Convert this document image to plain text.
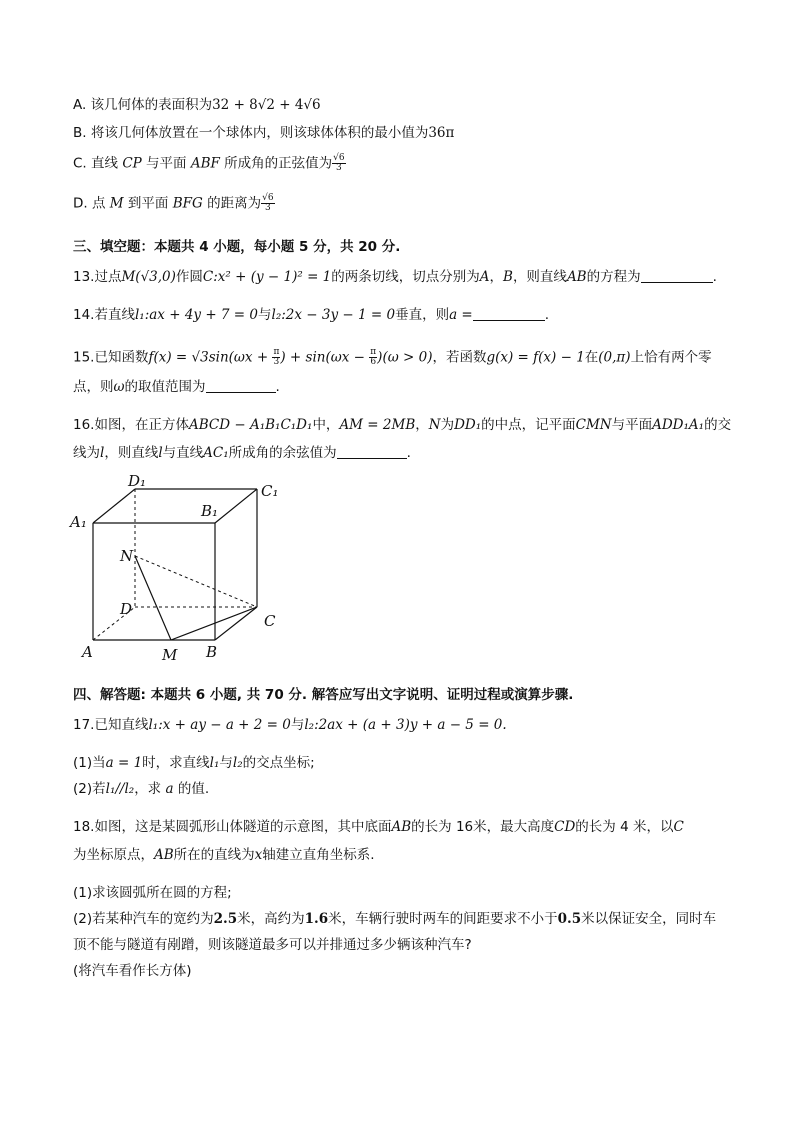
A. 该几何体的表面积为32 + 8√2 + 4√6
B. 将该几何体放置在一个球体内，则该球体体积的最小值为36π
C. 直线 CP 与平面 ABF 所成角的正弦值为 $\frac{√6}{3}$
D. 点 M 到平面 BFG 的距离为 $\frac{√6}{3}$
三、填空题：本题共 4 小题，每小题 5 分，共 20 分.
13.过点M(√3,0)作圆C:x² + (y − 1)² = 1的两条切线，切点分别为A，B，则直线AB的方程为	.
14.若直线l₁:ax + 4y + 7 = 0与l₂:2x − 3y − 1 = 0垂直，则a =	.
15.已知函数$f(x) = √3\sin(\omega x + \frac{\pi}{3}$ ) + $\sin(\omega x - \frac{\pi}{6} )(\omega > 0)$，若函数g(x) = f(x) − 1在(0,π)上恰有两个零
点，则ω的取值范围为	.
16.如图，在正方体ABCD − A₁B₁C₁D₁中，AM = 2MB，N为DD₁的中点，记平面CMN与平面ADD₁A₁的交
线为l，则直线l与直线AC₁所成角的余弦值为	.
D₁
C₁
B₁
A₁
N
D
C
A	M B
四、解答题: 本题共 6 小题, 共 70 分. 解答应写出文字说明、证明过程或演算步骤.
17.已知直线l₁:x + ay − a + 2 = 0与l₂:2ax + (a + 3)y + a − 5 = 0.
(1)当a = 1时，求直线l₁与l₂的交点坐标;
(2)若l₁//l₂，求 a 的值.
18.如图，这是某圆弧形山体隧道的示意图，其中底面AB的长为 16米，最大高度CD的长为 4 米，以C
为坐标原点，AB所在的直线为x轴建立直角坐标系.
(1)求该圆弧所在圆的方程;
(2)若某种汽车的宽约为2.5米，高约为1.6米，车辆行驶时两车的间距要求不小于0.5米以保证安全，同时车
顶不能与隧道有剐蹭，则该隧道最多可以并排通过多少辆该种汽车?
(将汽车看作长方体)
